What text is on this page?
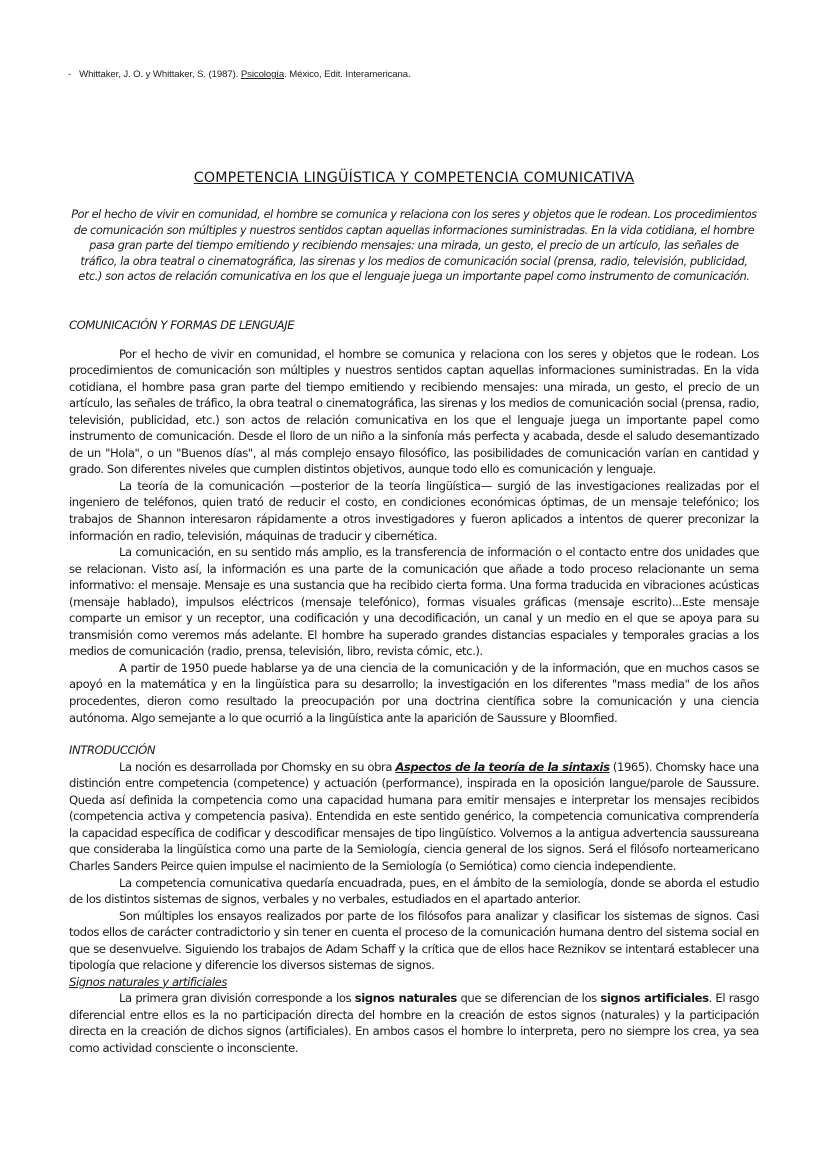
- Whittaker, J. O. y Whittaker, S. (1987). Psicología. México, Edit. Interamericana.
COMPETENCIA LINGÜÍSTICA Y COMPETENCIA COMUNICATIVA
Por el hecho de vivir en comunidad, el hombre se comunica y relaciona con los seres y objetos que le rodean. Los procedimientos de comunicación son múltiples y nuestros sentidos captan aquellas informaciones suministradas. En la vida cotidiana, el hombre pasa gran parte del tiempo emitiendo y recibiendo mensajes: una mirada, un gesto, el precio de un artículo, las señales de tráfico, la obra teatral o cinematográfica, las sirenas y los medios de comunicación social (prensa, radio, televisión, publicidad, etc.) son actos de relación comunicativa en los que el lenguaje juega un importante papel como instrumento de comunicación.
COMUNICACIÓN Y FORMAS DE LENGUAJE

Por el hecho de vivir en comunidad, el hombre se comunica y relaciona con los seres y objetos que le rodean. Los procedimientos de comunicación son múltiples y nuestros sentidos captan aquellas informaciones suministradas. En la vida cotidiana, el hombre pasa gran parte del tiempo emitiendo y recibiendo mensajes: una mirada, un gesto, el precio de un artículo, las señales de tráfico, la obra teatral o cinematográfica, las sirenas y los medios de comunicación social (prensa, radio, televisión, publicidad, etc.) son actos de relación comunicativa en los que el lenguaje juega un importante papel como instrumento de comunicación. Desde el lloro de un niño a la sinfonía más perfecta y acabada, desde el saludo desemantizado de un "Hola", o un "Buenos días", al más complejo ensayo filosófico, las posibilidades de comunicación varían en cantidad y grado. Son diferentes niveles que cumplen distintos objetivos, aunque todo ello es comunicación y lenguaje.

La teoría de la comunicación —posterior de la teoría lingüística— surgió de las investigaciones realizadas por el ingeniero de teléfonos, quien trató de reducir el costo, en condiciones económicas óptimas, de un mensaje telefónico; los trabajos de Shannon interesaron rápidamente a otros investigadores y fueron aplicados a intentos de querer preconizar la información en radio, televisión, máquinas de traducir y cibernética.

La comunicación, en su sentido más amplio, es la transferencia de información o el contacto entre dos unidades que se relacionan. Visto así, la información es una parte de la comunicación que añade a todo proceso relacionante un sema informativo: el mensaje. Mensaje es una sustancia que ha recibido cierta forma. Una forma traducida en vibraciones acústicas (mensaje hablado), impulsos eléctricos (mensaje telefónico), formas visuales gráficas (mensaje escrito)...Este mensaje comparte un emisor y un receptor, una codificación y una decodificación, un canal y un medio en el que se apoya para su transmisión como veremos más adelante. El hombre ha superado grandes distancias espaciales y temporales gracias a los medios de comunicación (radio, prensa, televisión, libro, revista cómic, etc.).

A partir de 1950 puede hablarse ya de una ciencia de la comunicación y de la información, que en muchos casos se apoyó en la matemática y en la lingüística para su desarrollo; la investigación en los diferentes "mass media" de los años procedentes, dieron como resultado la preocupación por una doctrina científica sobre la comunicación y una ciencia autónoma. Algo semejante a lo que ocurrió a la lingüística ante la aparición de Saussure y Bloomfied.

INTRODUCCIÓN

La noción es desarrollada por Chomsky en su obra Aspectos de la teoría de la sintaxis (1965). Chomsky hace una distinción entre competencia (competence) y actuación (performance), inspirada en la oposición Iangue/parole de Saussure. Queda así definida la competencia como una capacidad humana para emitir mensajes e interpretar los mensajes recibidos (competencia activa y competencia pasiva). Entendida en este sentido genérico, la competencia comunicativa comprendería la capacidad específica de codificar y descodificar mensajes de tipo lingüístico. Volvemos a la antigua advertencia saussureana que consideraba la lingüística como una parte de la Semiología, ciencia general de los signos. Será el filósofo norteamericano Charles Sanders Peirce quien impulse el nacimiento de la Semiología (o Semiótica) como ciencia independiente.

La competencia comunicativa quedaría encuadrada, pues, en el ámbito de la semiología, donde se aborda el estudio de los distintos sistemas de signos, verbales y no verbales, estudiados en el apartado anterior.

Son múltiples los ensayos realizados por parte de los filósofos para analizar y clasificar los sistemas de signos. Casi todos ellos de carácter contradictorio y sin tener en cuenta el proceso de la comunicación humana dentro del sistema social en que se desenvuelve. Siguiendo los trabajos de Adam Schaff y la crítica que de ellos hace Reznikov se intentará establecer una tipología que relacione y diferencie los diversos sistemas de signos.

Signos naturales y artificiales

La primera gran división corresponde a los signos naturales que se diferencian de los signos artificiales. El rasgo diferencial entre ellos es la no participación directa del hombre en la creación de estos signos (naturales) y la participación directa en la creación de dichos signos (artificiales). En ambos casos el hombre lo interpreta, pero no siempre los crea, ya sea como actividad consciente o inconsciente.
